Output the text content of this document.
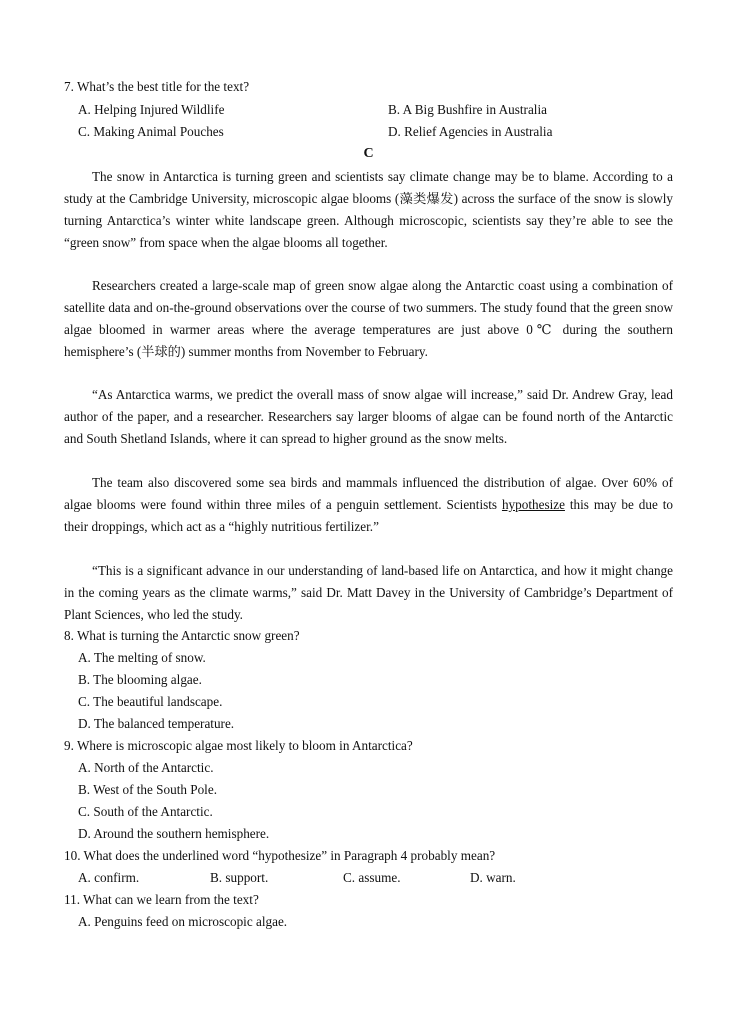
7. What’s the best title for the text?
A. Helping Injured Wildlife	B. A Big Bushfire in Australia
C. Making Animal Pouches	D. Relief Agencies in Australia
C
The snow in Antarctica is turning green and scientists say climate change may be to blame. According to a study at the Cambridge University, microscopic algae blooms (藻类爆发) across the surface of the snow is slowly turning Antarctica’s winter white landscape green. Although microscopic, scientists say they’re able to see the “green snow” from space when the algae blooms all together.
Researchers created a large-scale map of green snow algae along the Antarctic coast using a combination of satellite data and on-the-ground observations over the course of two summers. The study found that the green snow algae bloomed in warmer areas where the average temperatures are just above 0℃ during the southern hemisphere’s (半球的) summer months from November to February.
“As Antarctica warms, we predict the overall mass of snow algae will increase,” said Dr. Andrew Gray, lead author of the paper, and a researcher. Researchers say larger blooms of algae can be found north of the Antarctic and South Shetland Islands, where it can spread to higher ground as the snow melts.
The team also discovered some sea birds and mammals influenced the distribution of algae. Over 60% of algae blooms were found within three miles of a penguin settlement. Scientists hypothesize this may be due to their droppings, which act as a “highly nutritious fertilizer.”
“This is a significant advance in our understanding of land-based life on Antarctica, and how it might change in the coming years as the climate warms,” said Dr. Matt Davey in the University of Cambridge’s Department of Plant Sciences, who led the study.
8. What is turning the Antarctic snow green?
A. The melting of snow.
B. The blooming algae.
C. The beautiful landscape.
D. The balanced temperature.
9. Where is microscopic algae most likely to bloom in Antarctica?
A. North of the Antarctic.
B. West of the South Pole.
C. South of the Antarctic.
D. Around the southern hemisphere.
10. What does the underlined word “hypothesize” in Paragraph 4 probably mean?
A. confirm.	B. support.	C. assume.	D. warn.
11. What can we learn from the text?
A. Penguins feed on microscopic algae.
